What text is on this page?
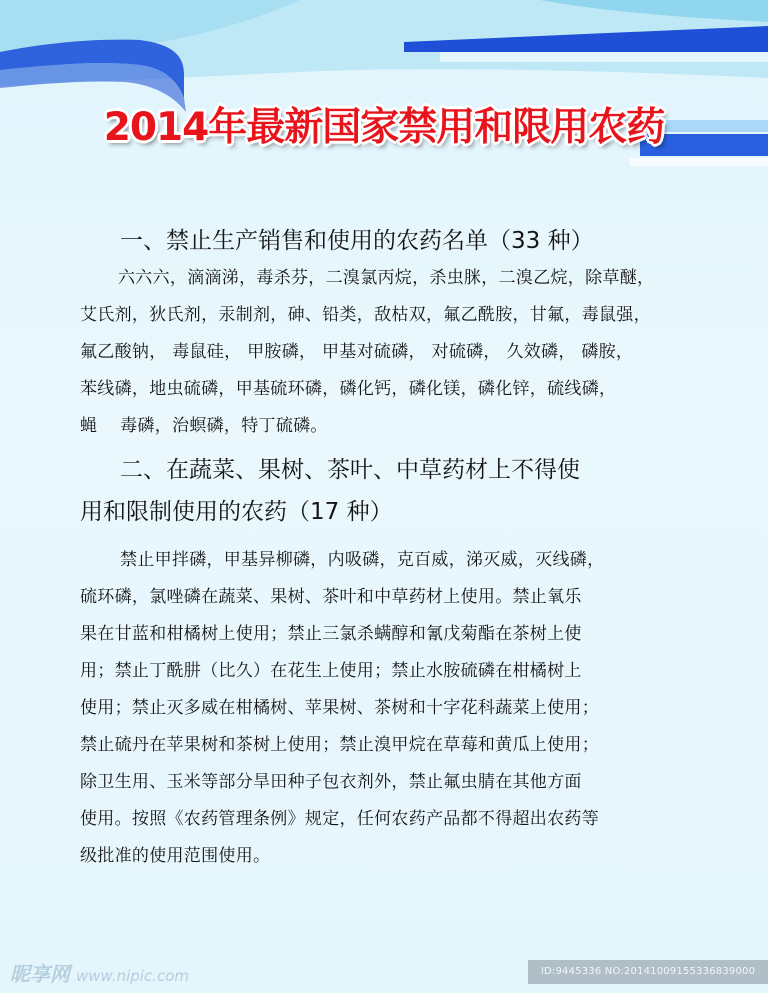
2014年最新国家禁用和限用农药
一、禁止生产销售和使用的农药名单（33 种）
六六六，滴滴涕，毒杀芬，二溴氯丙烷，杀虫脒，二溴乙烷，除草醚，
艾氏剂，狄氏剂，汞制剂，砷、铅类，敌枯双，氟乙酰胺，甘氟，毒鼠强，
氟乙酸钠， 毒鼠硅， 甲胺磷， 甲基对硫磷， 对硫磷， 久效磷， 磷胺，
苯线磷，地虫硫磷，甲基硫环磷，磷化钙，磷化镁，磷化锌，硫线磷，
蝇    毒磷，治螟磷，特丁硫磷。
二、在蔬菜、果树、茶叶、中草药材上不得使
用和限制使用的农药（17 种）
禁止甲拌磷，甲基异柳磷，内吸磷，克百威，涕灭威，灭线磷，
硫环磷，氯唑磷在蔬菜、果树、茶叶和中草药材上使用。禁止氧乐
果在甘蓝和柑橘树上使用；禁止三氯杀螨醇和氰戊菊酯在茶树上使
用；禁止丁酰肼（比久）在花生上使用；禁止水胺硫磷在柑橘树上
使用；禁止灭多威在柑橘树、苹果树、茶树和十字花科蔬菜上使用；
禁止硫丹在苹果树和茶树上使用；禁止溴甲烷在草莓和黄瓜上使用；
除卫生用、玉米等部分旱田种子包衣剂外，禁止氟虫腈在其他方面
使用。按照《农药管理条例》规定，任何农药产品都不得超出农药等
级批准的使用范围使用。
昵享网 www.nipic.com	ID:9445336 NO:20141009155336839000
